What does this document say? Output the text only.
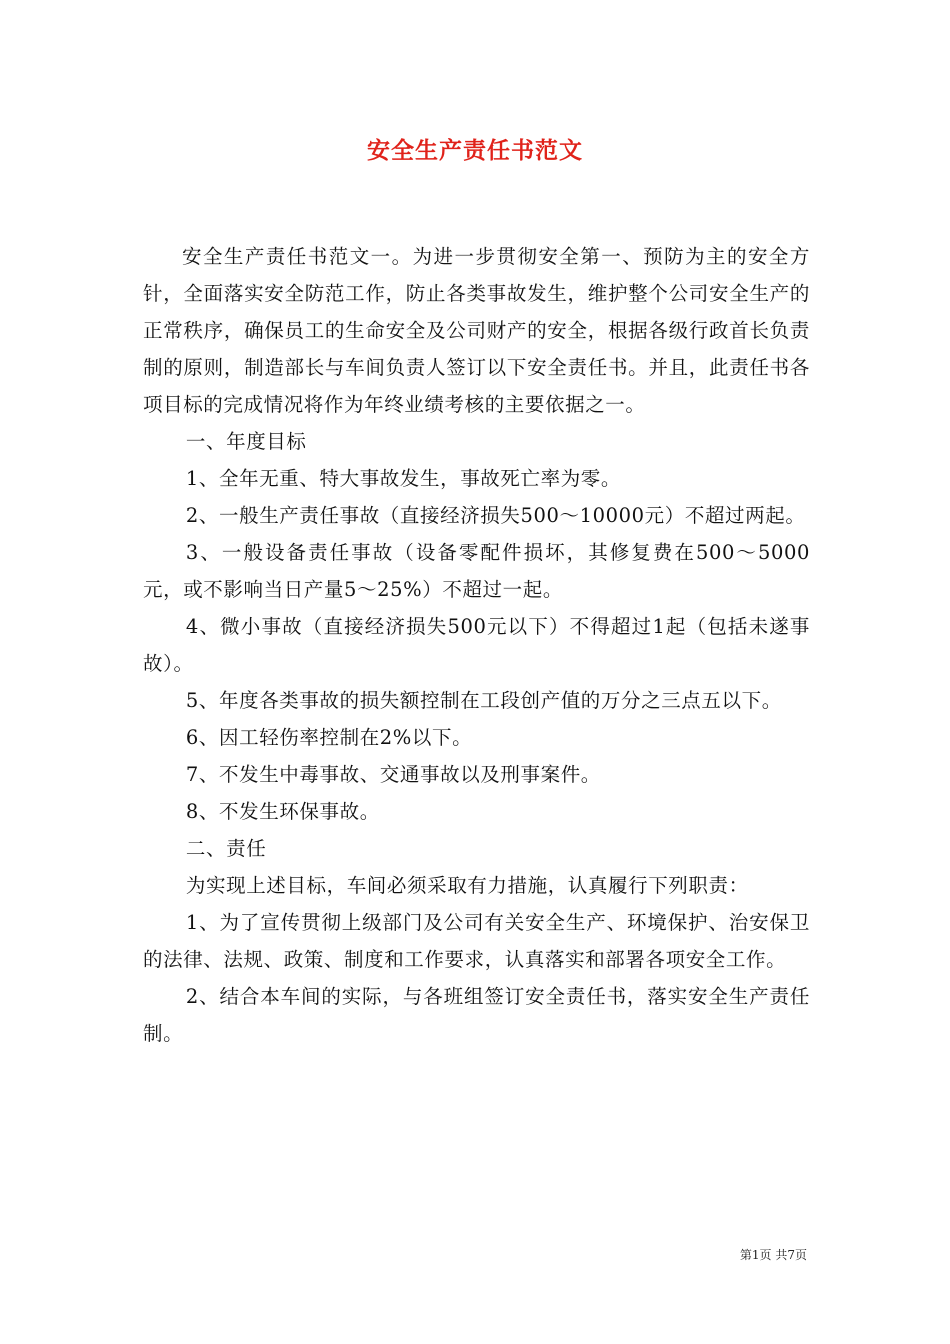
安全生产责任书范文

安全生产责任书范文一。为进一步贯彻安全第一、预防为主的安全方针，全面落实安全防范工作，防止各类事故发生，维护整个公司安全生产的正常秩序，确保员工的生命安全及公司财产的安全，根据各级行政首长负责制的原则，制造部长与车间负责人签订以下安全责任书。并且，此责任书各项目标的完成情况将作为年终业绩考核的主要依据之一。

一、年度目标

1、全年无重、特大事故发生，事故死亡率为零。

2、一般生产责任事故（直接经济损失500～10000元）不超过两起。

3、一般设备责任事故（设备零配件损坏，其修复费在500～5000元，或不影响当日产量5～25%）不超过一起。

4、微小事故（直接经济损失500元以下）不得超过1起（包括未遂事故）。

5、年度各类事故的损失额控制在工段创产值的万分之三点五以下。

6、因工轻伤率控制在2%以下。

7、不发生中毒事故、交通事故以及刑事案件。

8、不发生环保事故。

二、责任

为实现上述目标，车间必须采取有力措施，认真履行下列职责：

1、为了宣传贯彻上级部门及公司有关安全生产、环境保护、治安保卫的法律、法规、政策、制度和工作要求，认真落实和部署各项安全工作。

2、结合本车间的实际，与各班组签订安全责任书，落实安全生产责任制。

第1页 共7页
